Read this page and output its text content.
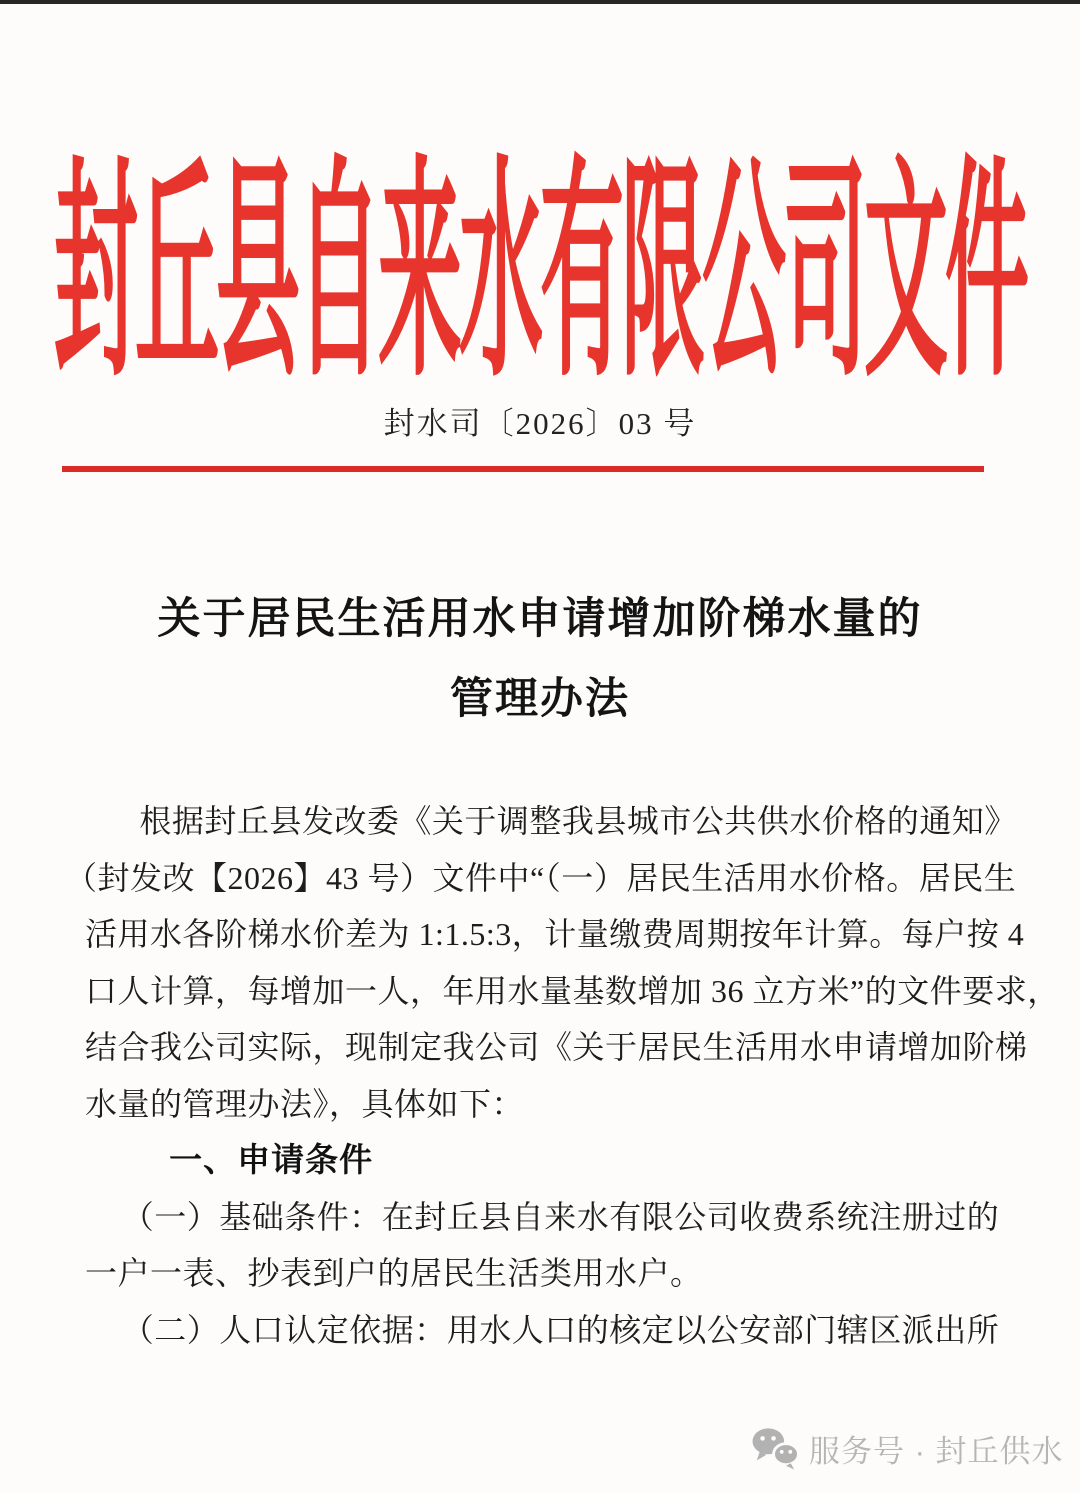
封丘县自来水有限公司文件
封水司〔2026〕03 号
关于居民生活用水申请增加阶梯水量的
管理办法

根据封丘县发改委《关于调整我县城市公共供水价格的通知》

（封发改【2026】43 号）文件中“（一）居民生活用水价格。居民生

活用水各阶梯水价差为 1:1.5:3，计量缴费周期按年计算。每户按 4

口人计算，每增加一人，年用水量基数增加 36 立方米”的文件要求，

结合我公司实际，现制定我公司《关于居民生活用水申请增加阶梯

水量的管理办法》，具体如下：

一、申请条件

（一）基础条件：在封丘县自来水有限公司收费系统注册过的

一户一表、抄表到户的居民生活类用水户。

（二）人口认定依据：用水人口的核定以公安部门辖区派出所

服务号 · 封丘供水
